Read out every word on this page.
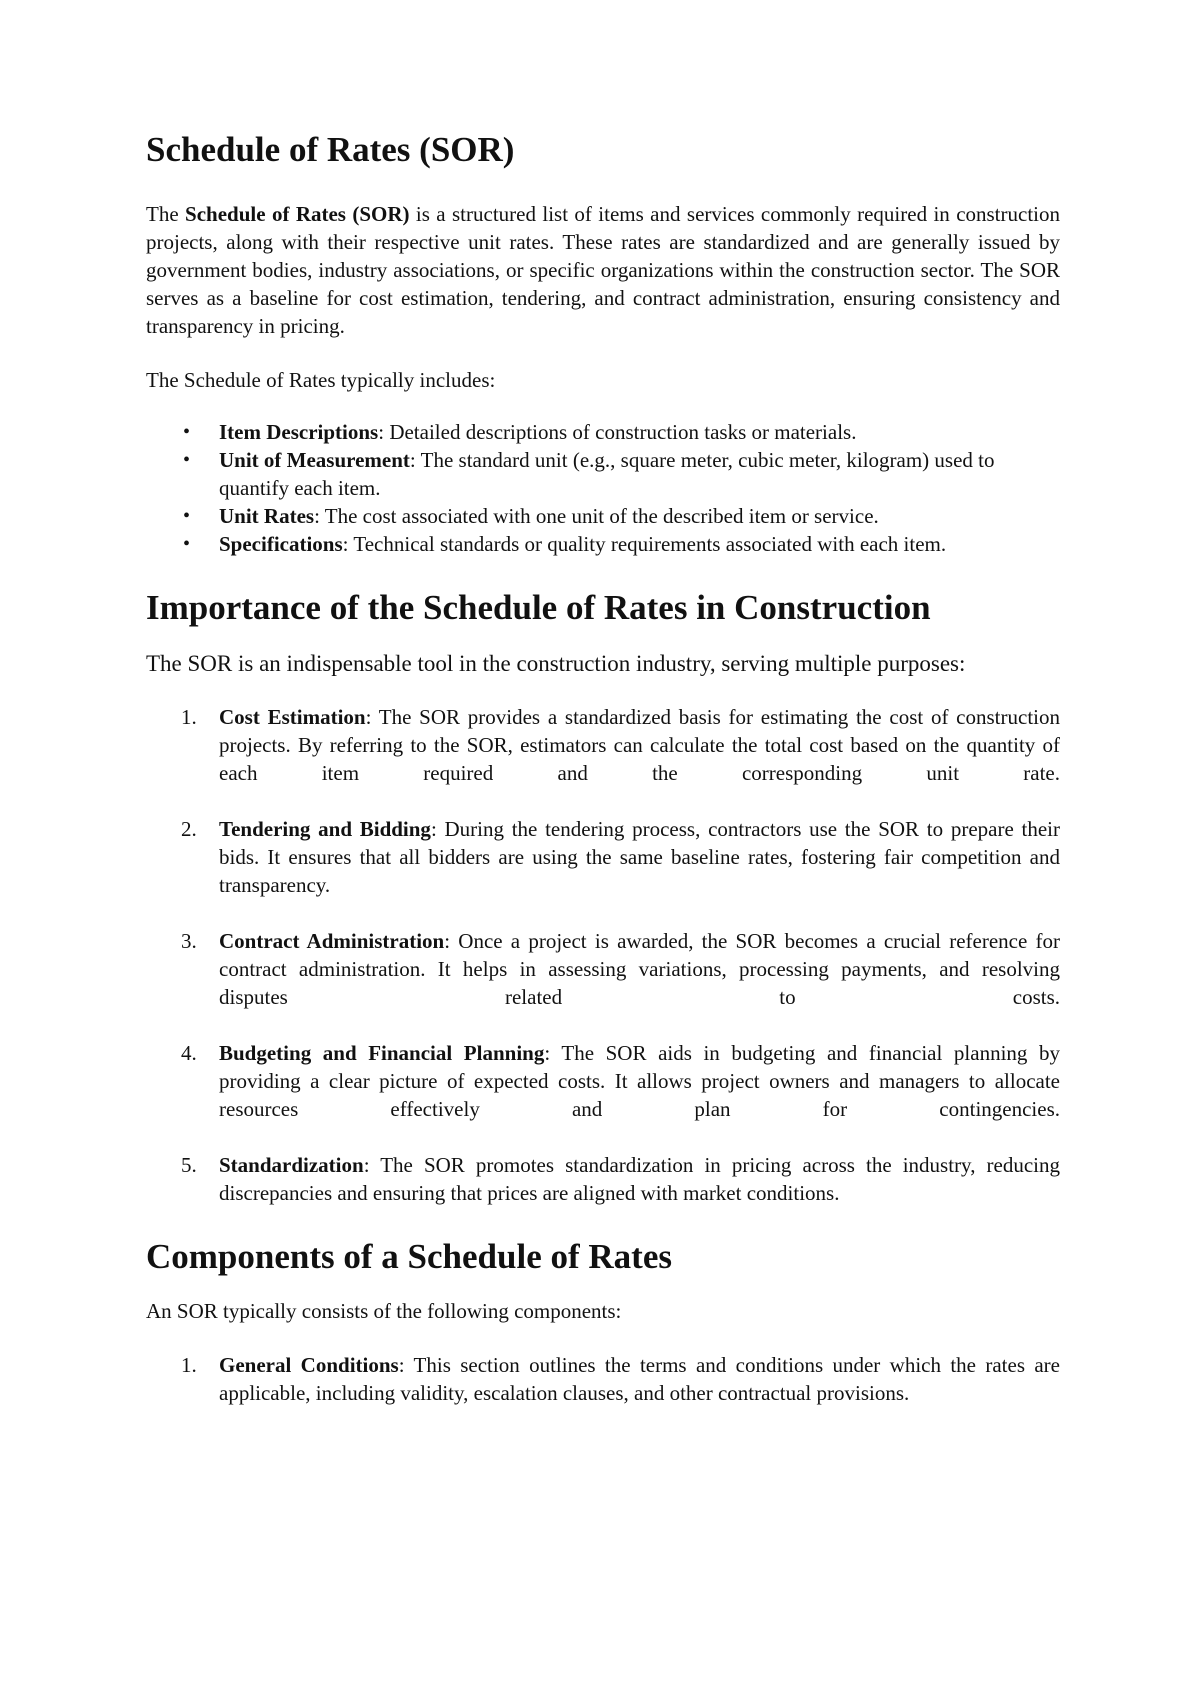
Schedule of Rates (SOR)

The Schedule of Rates (SOR) is a structured list of items and services commonly required in construction projects, along with their respective unit rates. These rates are standardized and are generally issued by government bodies, industry associations, or specific organizations within the construction sector. The SOR serves as a baseline for cost estimation, tendering, and contract administration, ensuring consistency and transparency in pricing.

The Schedule of Rates typically includes:

• Item Descriptions: Detailed descriptions of construction tasks or materials.
• Unit of Measurement: The standard unit (e.g., square meter, cubic meter, kilogram) used to quantify each item.
• Unit Rates: The cost associated with one unit of the described item or service.
• Specifications: Technical standards or quality requirements associated with each item.
Importance of the Schedule of Rates in Construction

The SOR is an indispensable tool in the construction industry, serving multiple purposes:

1. Cost Estimation: The SOR provides a standardized basis for estimating the cost of construction projects. By referring to the SOR, estimators can calculate the total cost based on the quantity of each item required and the corresponding unit rate.
2. Tendering and Bidding: During the tendering process, contractors use the SOR to prepare their bids. It ensures that all bidders are using the same baseline rates, fostering fair competition and transparency.
3. Contract Administration: Once a project is awarded, the SOR becomes a crucial reference for contract administration. It helps in assessing variations, processing payments, and resolving disputes related to costs.
4. Budgeting and Financial Planning: The SOR aids in budgeting and financial planning by providing a clear picture of expected costs. It allows project owners and managers to allocate resources effectively and plan for contingencies.
5. Standardization: The SOR promotes standardization in pricing across the industry, reducing discrepancies and ensuring that prices are aligned with market conditions.
Components of a Schedule of Rates

An SOR typically consists of the following components:

1. General Conditions: This section outlines the terms and conditions under which the rates are applicable, including validity, escalation clauses, and other contractual provisions.
